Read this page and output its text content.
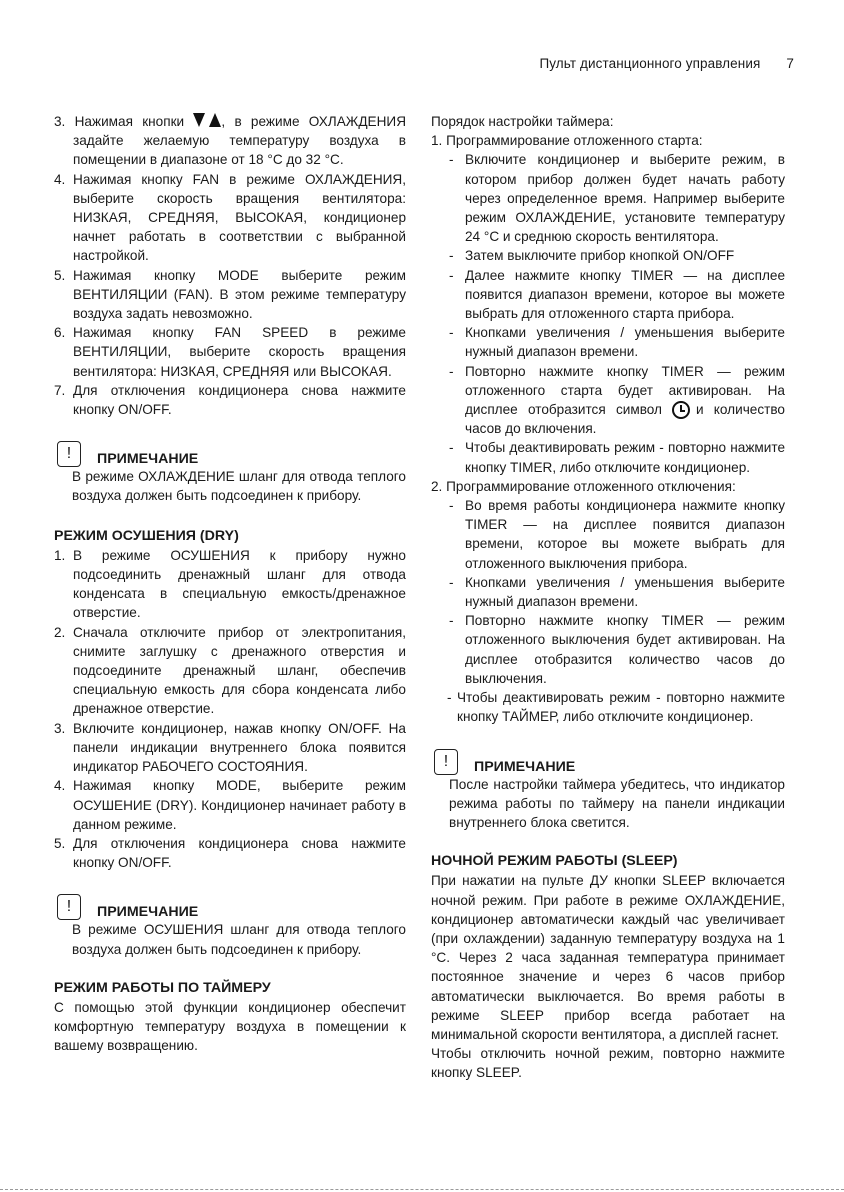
Пульт дистанционного управления 7

3. Нажимая кнопки	, в режиме ОХЛАЖДЕНИЯ задайте желаемую температуру воздуха в помещении в диапазоне от 18 °С до 32 °С.

4. Нажимая кнопку FAN в режиме ОХЛАЖДЕНИЯ, выберите скорость вращения вентилятора: НИЗКАЯ, СРЕДНЯЯ, ВЫСОКАЯ, кондиционер начнет работать в соответствии с выбранной настройкой.

5. Нажимая кнопку MODE выберите режим ВЕНТИЛЯЦИИ (FAN). В этом режиме температуру воздуха задать невозможно.

6. Нажимая кнопку FAN SPEED в режиме ВЕНТИЛЯЦИИ, выберите скорость вращения вентилятора: НИЗКАЯ, СРЕДНЯЯ или ВЫСОКАЯ.

7. Для отключения кондиционера снова нажмите кнопку ON/OFF.

!	ПРИМЕЧАНИЕ

В режиме ОХЛАЖДЕНИЕ шланг для отвода теплого воздуха должен быть подсоединен к прибору.

РЕЖИМ ОСУШЕНИЯ (DRY)

1. В режиме ОСУШЕНИЯ к прибору нужно подсоединить дренажный шланг для отвода конденсата в специальную емкость/дренажное отверстие.

2. Сначала отключите прибор от электропитания, снимите заглушку с дренажного отверстия и подсоедините дренажный шланг, обеспечив специальную емкость для сбора конденсата либо дренажное отверстие.

3. Включите кондиционер, нажав кнопку ON/OFF. На панели индикации внутреннего блока появится индикатор РАБОЧЕГО СОСТОЯНИЯ.

4. Нажимая кнопку MODE, выберите режим ОСУШЕНИЕ (DRY). Кондиционер начинает работу в данном режиме.

5. Для отключения кондиционера снова нажмите кнопку ON/OFF.

!	ПРИМЕЧАНИЕ

В режиме ОСУШЕНИЯ шланг для отвода теплого воздуха должен быть подсоединен к прибору.

РЕЖИМ РАБОТЫ ПО ТАЙМЕРУ

С помощью этой функции кондиционер обеспечит комфортную температуру воздуха в помещении к вашему возвращению.

Порядок настройки таймера:

1. Программирование отложенного старта:

- Включите кондиционер и выберите режим, в котором прибор должен будет начать работу через определенное время. Например выберите режим ОХЛАЖДЕНИЕ, установите температуру 24 °С и среднюю скорость вентилятора.

- Затем выключите прибор кнопкой ON/OFF

- Далее нажмите кнопку TIMER — на дисплее появится диапазон времени, которое вы можете выбрать для отложенного старта прибора.

- Кнопками увеличения / уменьшения выберите нужный диапазон времени.

- Повторно нажмите кнопку TIMER — режим отложенного старта будет активирован. На дисплее отобразится символ	и количество часов до включения.

- Чтобы деактивировать режим - повторно нажмите кнопку TIMER, либо отключите кондиционер.

2. Программирование отложенного отключения:

- Во время работы кондиционера нажмите кнопку TIMER — на дисплее появится диапазон времени, которое вы можете выбрать для отложенного выключения прибора.

- Кнопками увеличения / уменьшения выберите нужный диапазон времени.

- Повторно нажмите кнопку TIMER — режим отложенного выключения будет активирован. На дисплее отобразится количество часов до выключения.

- Чтобы деактивировать режим - повторно нажмите кнопку ТАЙМЕР, либо отключите кондиционер.

!	ПРИМЕЧАНИЕ

После настройки таймера убедитесь, что индикатор режима работы по таймеру на панели индикации внутреннего блока светится.

НОЧНОЙ РЕЖИМ РАБОТЫ (SLEEP)

При нажатии на пульте ДУ кнопки SLEEP включается ночной режим. При работе в режиме ОХЛАЖДЕНИЕ, кондиционер автоматически каждый час увеличивает (при охлаждении) заданную температуру воздуха на 1 °С. Через 2 часа заданная температура принимает постоянное значение и через 6 часов прибор автоматически выключается. Во время работы в режиме SLEEP прибор всегда работает на минимальной скорости вентилятора, а дисплей гаснет.

Чтобы отключить ночной режим, повторно нажмите кнопку SLEEP.
